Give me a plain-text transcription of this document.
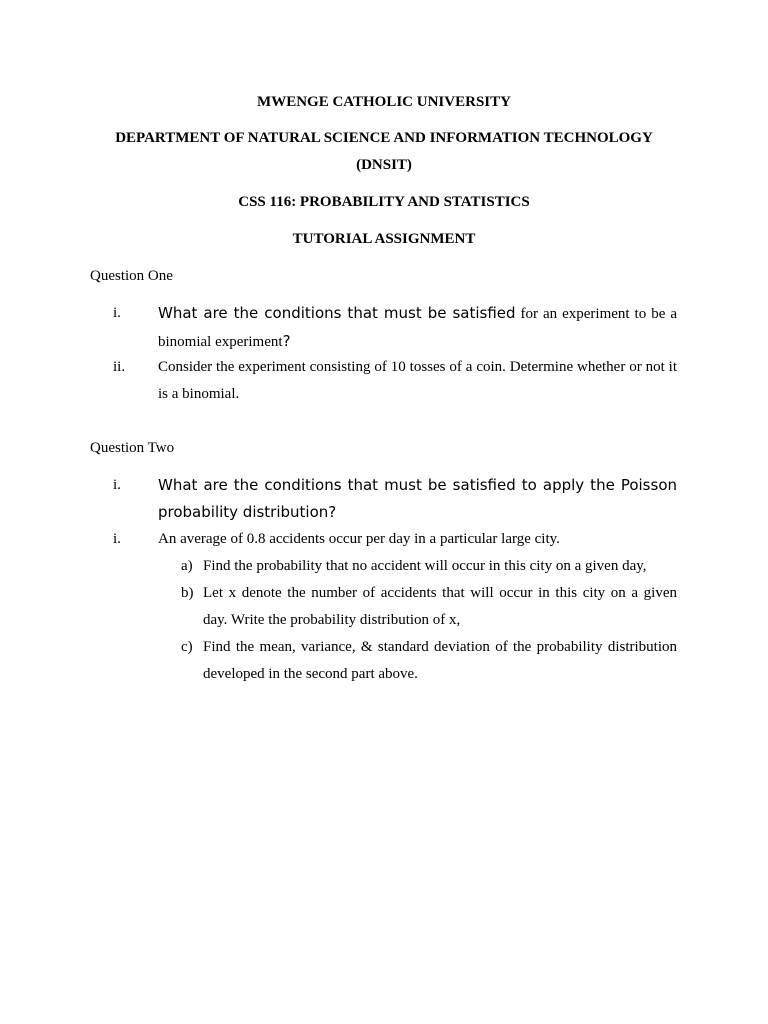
MWENGE CATHOLIC UNIVERSITY
DEPARTMENT OF NATURAL SCIENCE AND INFORMATION TECHNOLOGY (DNSIT)
CSS 116: PROBABILITY AND STATISTICS
TUTORIAL ASSIGNMENT
Question One
i. What are the conditions that must be satisfied for an experiment to be a binomial experiment?
ii. Consider the experiment consisting of 10 tosses of a coin. Determine whether or not it is a binomial.
Question Two
i. What are the conditions that must be satisfied to apply the Poisson probability distribution?
i. An average of 0.8 accidents occur per day in a particular large city.
a) Find the probability that no accident will occur in this city on a given day,
b) Let x denote the number of accidents that will occur in this city on a given day. Write the probability distribution of x,
c) Find the mean, variance, & standard deviation of the probability distribution developed in the second part above.
